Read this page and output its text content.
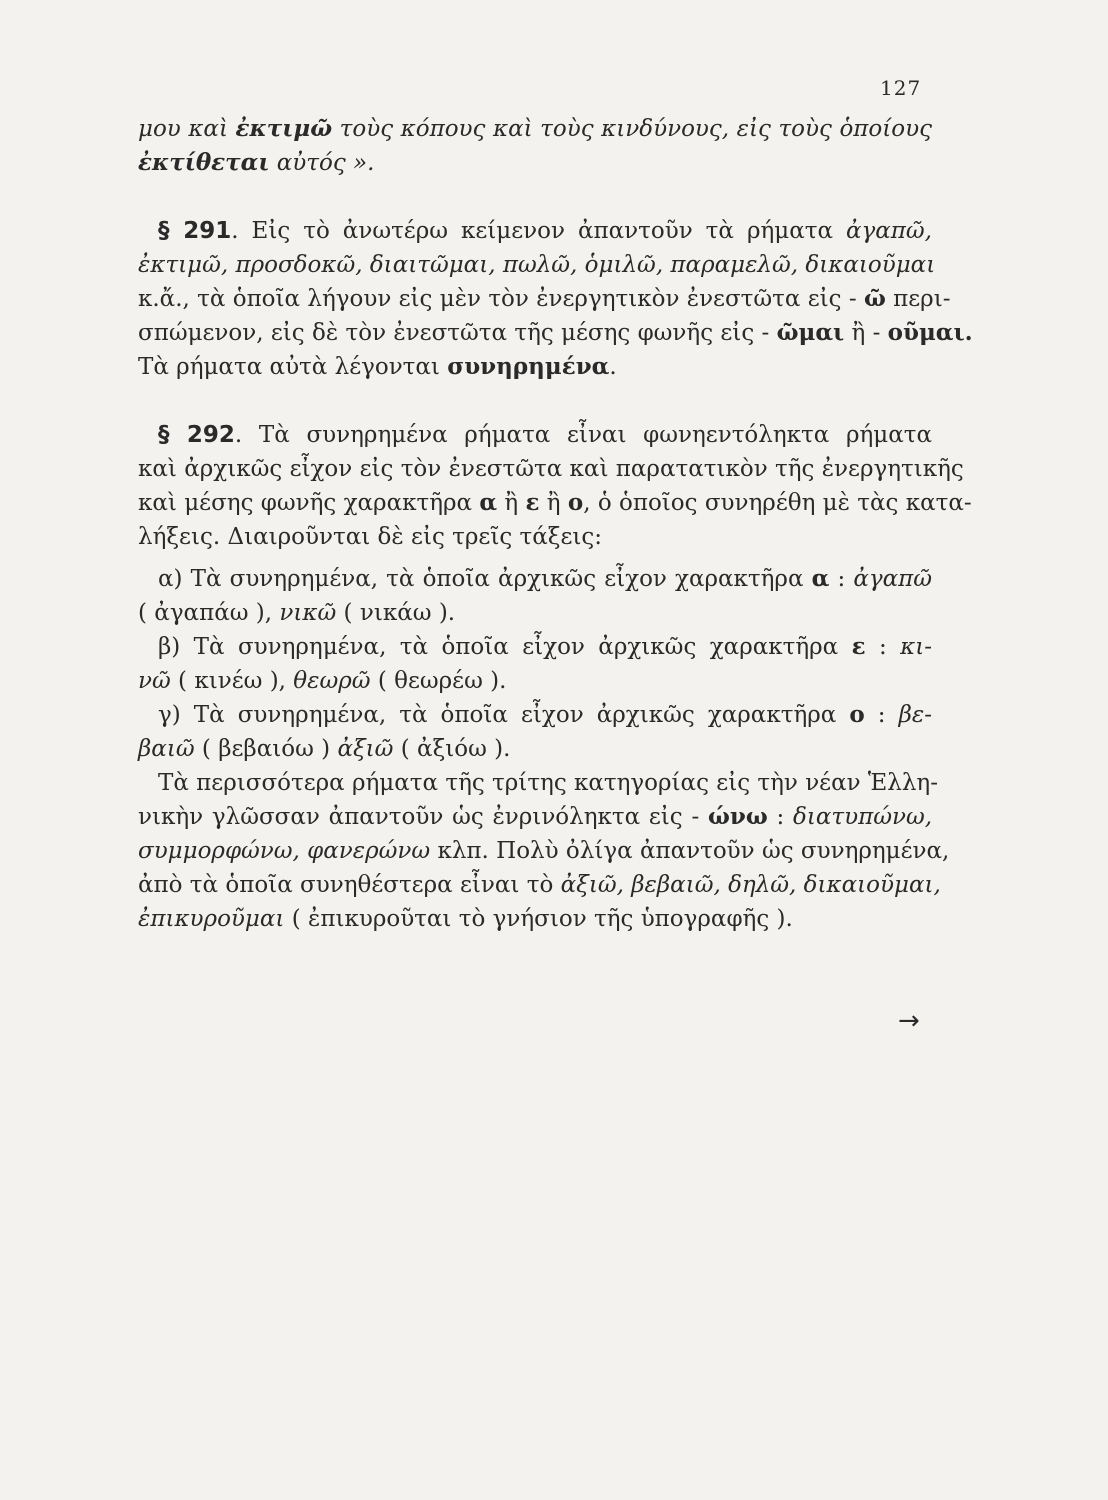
127
μου καὶ ἐκτιμῶ τοὺς κόπους καὶ τοὺς κινδύνους, εἰς τοὺς ὁποίους
ἐκτίθεται αὐτός ».
§ 291. Εἰς τὸ ἀνωτέρω κείμενον ἀπαντοῦν τὰ ρήματα ἀγαπῶ,
ἐκτιμῶ, προσδοκῶ, διαιτῶμαι, πωλῶ, ὁμιλῶ, παραμελῶ, δικαιοῦμαι
κ.ἄ., τὰ ὁποῖα λήγουν εἰς μὲν τὸν ἐνεργητικὸν ἐνεστῶτα εἰς - ῶ περι-
σπώμενον, εἰς δὲ τὸν ἐνεστῶτα τῆς μέσης φωνῆς εἰς - ῶμαι ἢ - οῦμαι.
Τὰ ρήματα αὐτὰ λέγονται συνηρημένα.
§ 292. Τὰ συνηρημένα ρήματα εἶναι φωνηεντόληκτα ρήματα
καὶ ἀρχικῶς εἶχον εἰς τὸν ἐνεστῶτα καὶ παρατατικὸν τῆς ἐνεργητικῆς
καὶ μέσης φωνῆς χαρακτῆρα α ἢ ε ἢ ο, ὁ ὁποῖος συνηρέθη μὲ τὰς κατα-
λήξεις. Διαιροῦνται δὲ εἰς τρεῖς τάξεις:
α) Τὰ συνηρημένα, τὰ ὁποῖα ἀρχικῶς εἶχον χαρακτῆρα α : ἀγαπῶ
( ἀγαπάω ), νικῶ ( νικάω ).
β) Τὰ συνηρημένα, τὰ ὁποῖα εἶχον ἀρχικῶς χαρακτῆρα ε : κι-
νῶ ( κινέω ), θεωρῶ ( θεωρέω ).
γ) Τὰ συνηρημένα, τὰ ὁποῖα εἶχον ἀρχικῶς χαρακτῆρα ο : βε-
βαιῶ ( βεβαιόω ) ἀξιῶ ( ἀξιόω ).
Τὰ περισσότερα ρήματα τῆς τρίτης κατηγορίας εἰς τὴν νέαν Ἑλλη-
νικὴν γλῶσσαν ἀπαντοῦν ὡς ἐνρινόληκτα εἰς - ώνω : διατυπώνω,
συμμορφώνω, φανερώνω κλπ. Πολὺ ὀλίγα ἀπαντοῦν ὡς συνηρημένα,
ἀπὸ τὰ ὁποῖα συνηθέστερα εἶναι τὸ ἀξιῶ, βεβαιῶ, δηλῶ, δικαιοῦμαι,
ἐπικυροῦμαι ( ἐπικυροῦται τὸ γνήσιον τῆς ὑπογραφῆς ).
→
